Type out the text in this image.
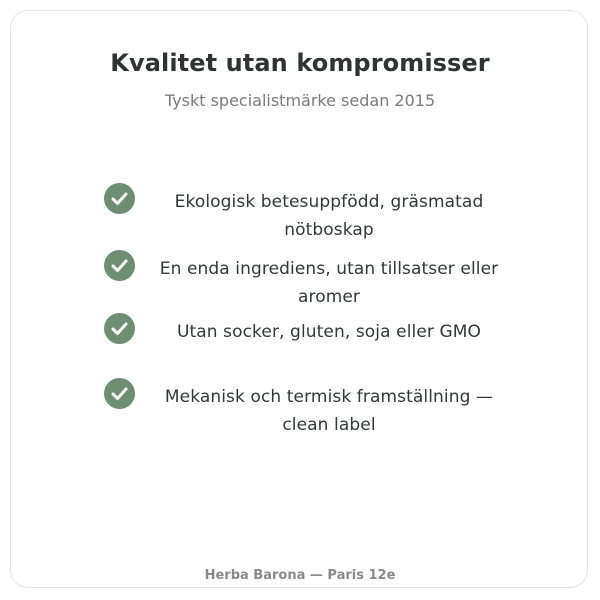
Kvalitet utan kompromisser
Tyskt specialistmärke sedan 2015
Ekologisk betesuppfödd, gräsmatad nötboskap
En enda ingrediens, utan tillsatser eller aromer
Utan socker, gluten, soja eller GMO
Mekanisk och termisk framställning — clean label
Herba Barona — Paris 12e
